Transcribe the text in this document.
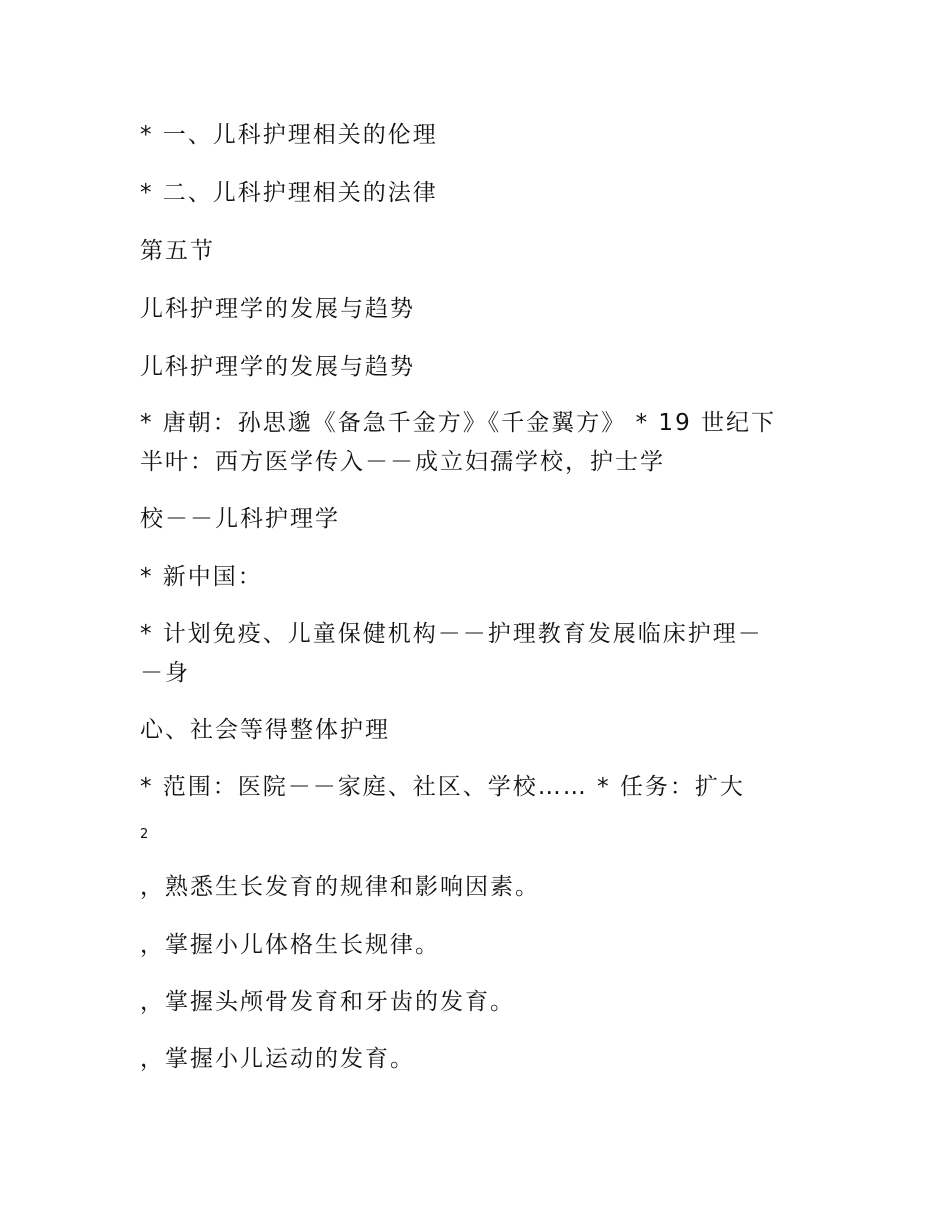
* 一、儿科护理相关的伦理
* 二、儿科护理相关的法律
第五节
儿科护理学的发展与趋势
儿科护理学的发展与趋势
* 唐朝：孙思邈《备急千金方》《千金翼方》 * 19 世纪下
半叶：西方医学传入－－成立妇孺学校，护士学
校－－儿科护理学
* 新中国：
* 计划免疫、儿童保健机构－－护理教育发展临床护理－
－身
心、社会等得整体护理
* 范围：医院－－家庭、社区、学校…… * 任务：扩大
2
，熟悉生长发育的规律和影响因素。
，掌握小儿体格生长规律。
，掌握头颅骨发育和牙齿的发育。
，掌握小儿运动的发育。
